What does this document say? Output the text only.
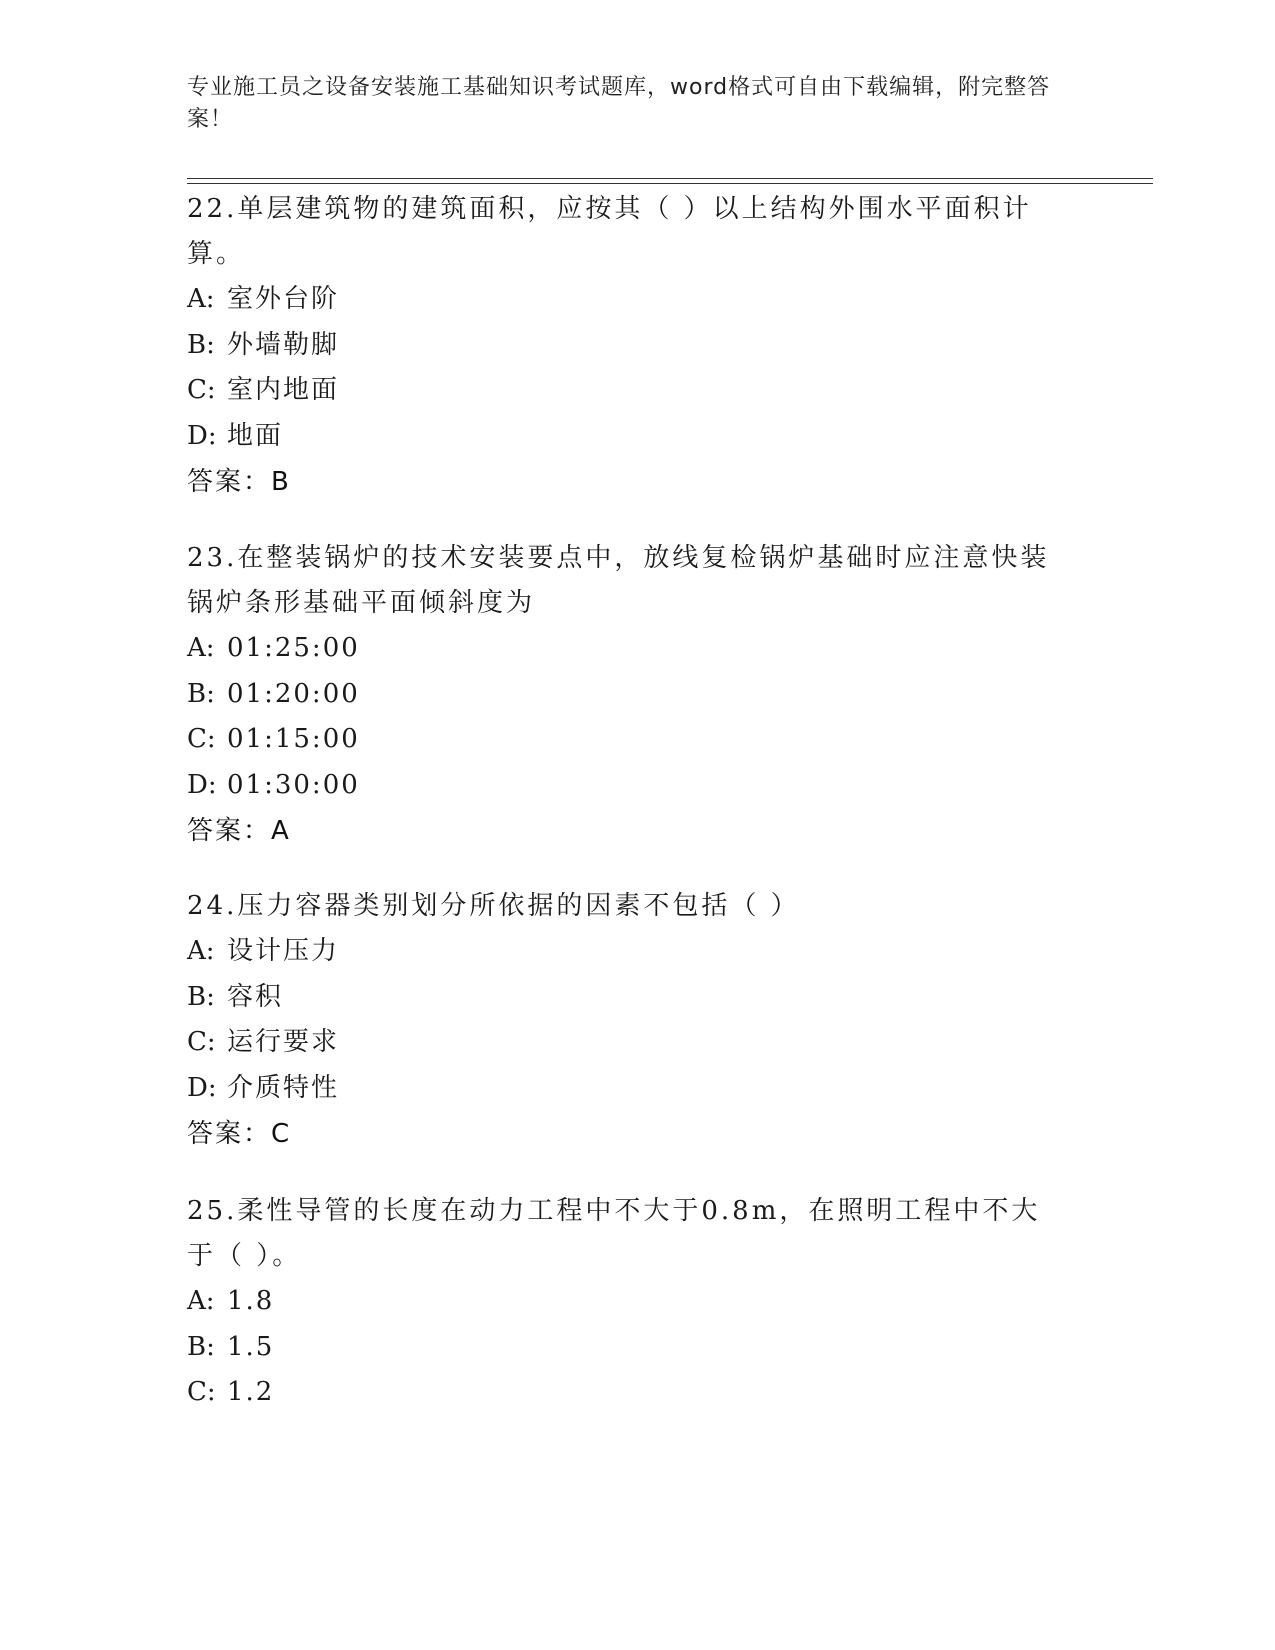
专业施工员之设备安装施工基础知识考试题库，word格式可自由下载编辑，附完整答案！

22.单层建筑物的建筑面积，应按其（ ）以上结构外围水平面积计算。

A: 室外台阶
B: 外墙勒脚
C: 室内地面
D: 地面
答案：B

23.在整装锅炉的技术安装要点中，放线复检锅炉基础时应注意快装锅炉条形基础平面倾斜度为

A: 01:25:00
B: 01:20:00
C: 01:15:00
D: 01:30:00
答案：A

24.压力容器类别划分所依据的因素不包括（ ）

A: 设计压力
B: 容积
C: 运行要求
D: 介质特性
答案：C

25.柔性导管的长度在动力工程中不大于0.8m，在照明工程中不大于（ ）。

A: 1.8
B: 1.5
C: 1.2
